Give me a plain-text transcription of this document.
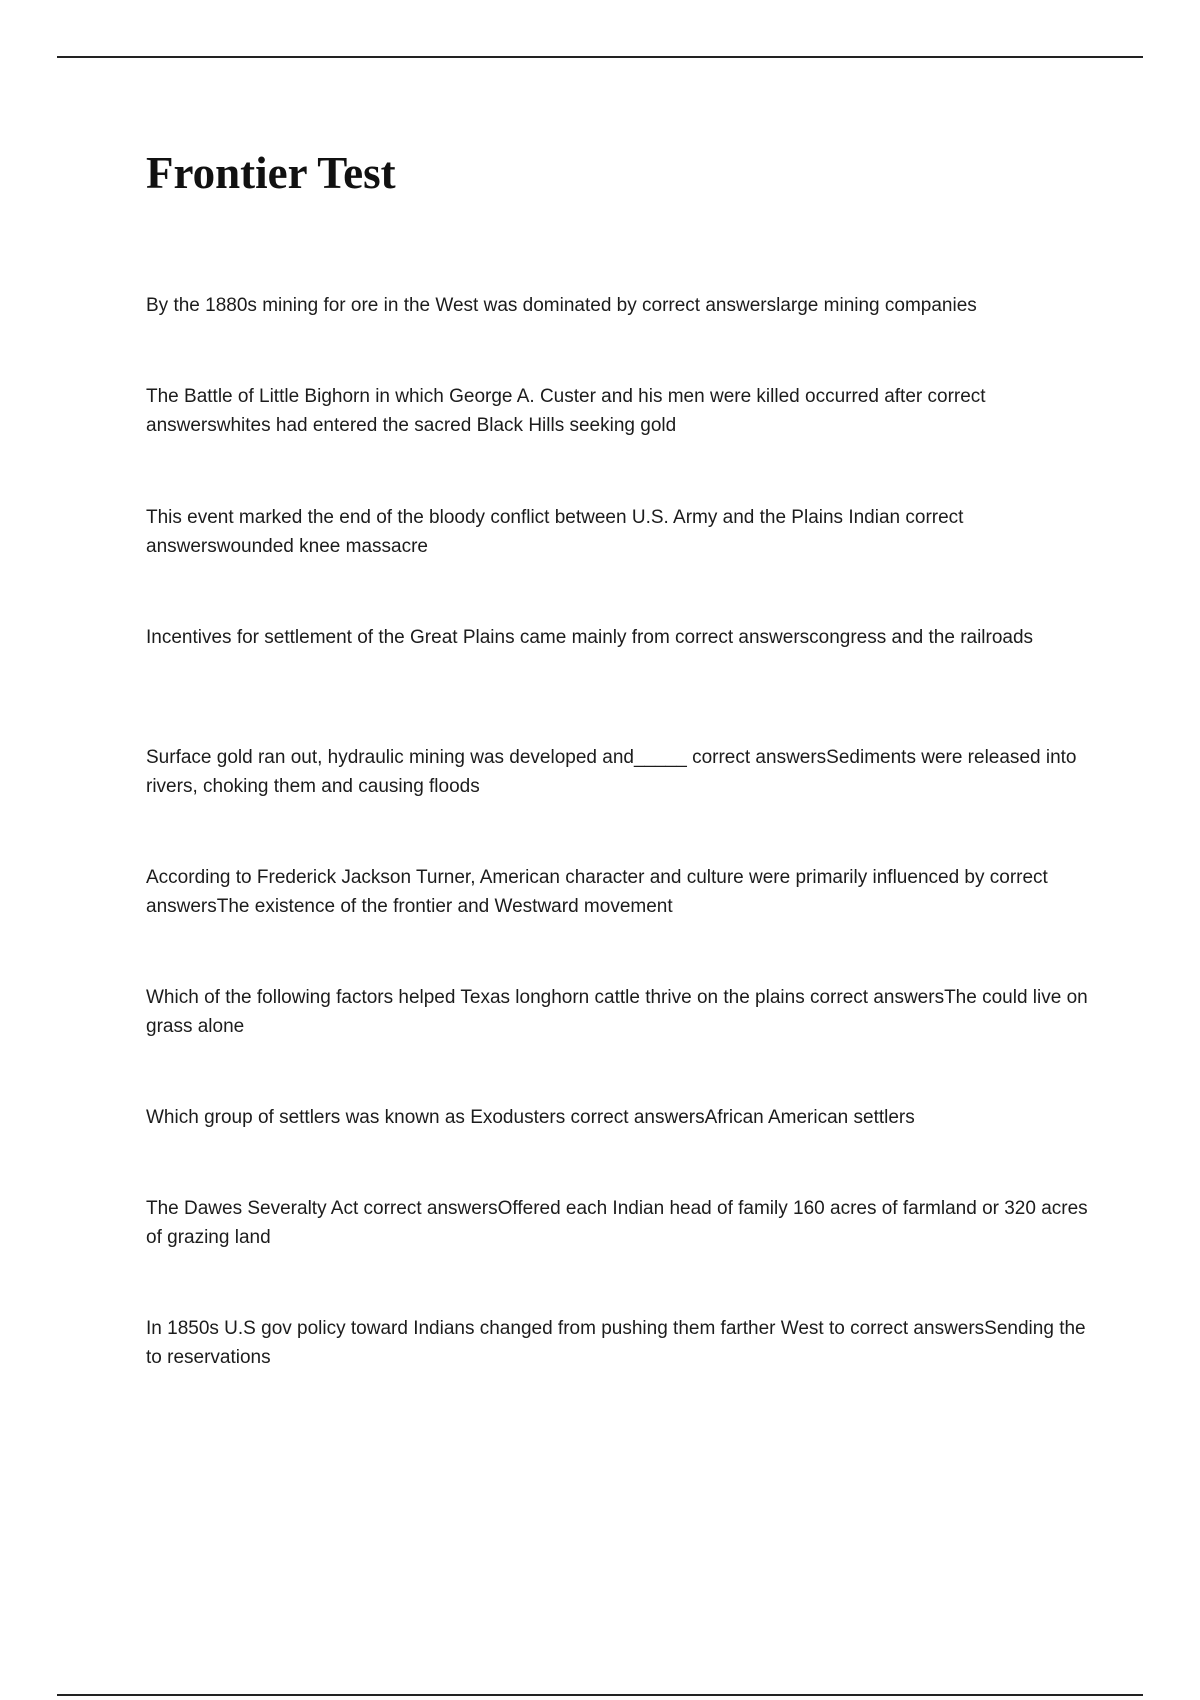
Frontier Test

By the 1880s mining for ore in the West was dominated by correct answerslarge mining companies

The Battle of Little Bighorn in which George A. Custer and his men were killed occurred after correct answerswhites had entered the sacred Black Hills seeking gold

This event marked the end of the bloody conflict between U.S. Army and the Plains Indian correct answerswounded knee massacre

Incentives for settlement of the Great Plains came mainly from correct answerscongress and the railroads

Surface gold ran out, hydraulic mining was developed and_____ correct answersSediments were released into rivers, choking them and causing floods

According to Frederick Jackson Turner, American character and culture were primarily influenced by correct answersThe existence of the frontier and Westward movement

Which of the following factors helped Texas longhorn cattle thrive on the plains correct answersThe could live on grass alone

Which group of settlers was known as Exodusters correct answersAfrican American settlers

The Dawes Severalty Act correct answersOffered each Indian head of family 160 acres of farmland or 320 acres of grazing land

In 1850s U.S gov policy toward Indians changed from pushing them farther West to correct answersSending the to reservations
